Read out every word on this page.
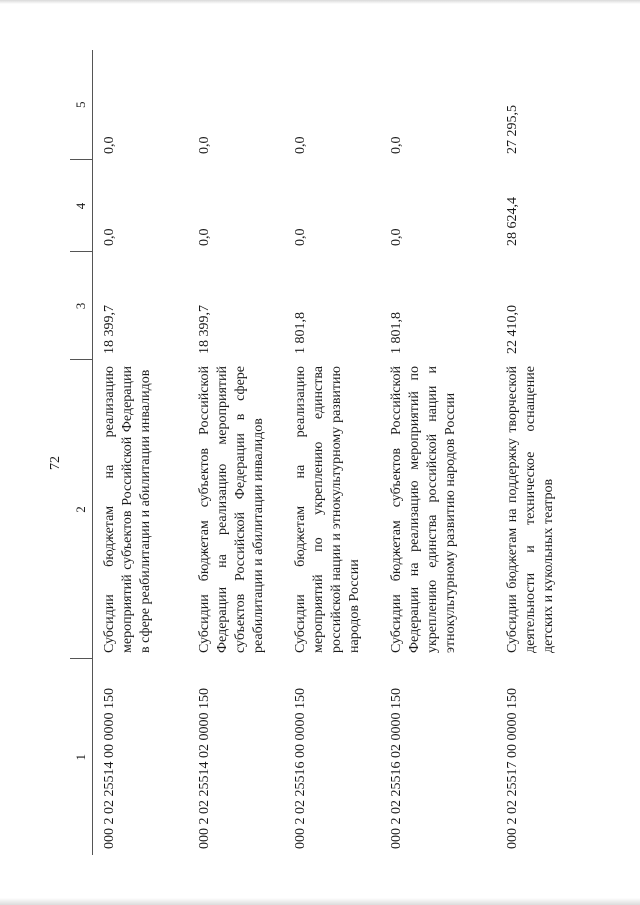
72
1	2	3	4	5
000 2 02 25514 00 0000 150	Субсидии бюджетам на реализацию мероприятий субъектов Российской Федерации в сфере реабилитации и абилитации инвалидов	18 399,7	0,0	0,0
000 2 02 25514 02 0000 150	Субсидии бюджетам субъектов Российской Федерации на реализацию мероприятий субъектов Российской Федерации в сфере реабилитации и абилитации инвалидов	18 399,7	0,0	0,0
000 2 02 25516 00 0000 150	Субсидии бюджетам на реализацию мероприятий по укреплению единства российской нации и этнокультурному развитию народов России	1 801,8	0,0	0,0
000 2 02 25516 02 0000 150	Субсидии бюджетам субъектов Российской Федерации на реализацию мероприятий по укреплению единства российской нации и этнокультурному развитию народов России	1 801,8	0,0	0,0
000 2 02 25517 00 0000 150	Субсидии бюджетам на поддержку творческой деятельности и техническое оснащение детских и кукольных театров	22 410,0	28 624,4	27 295,5
